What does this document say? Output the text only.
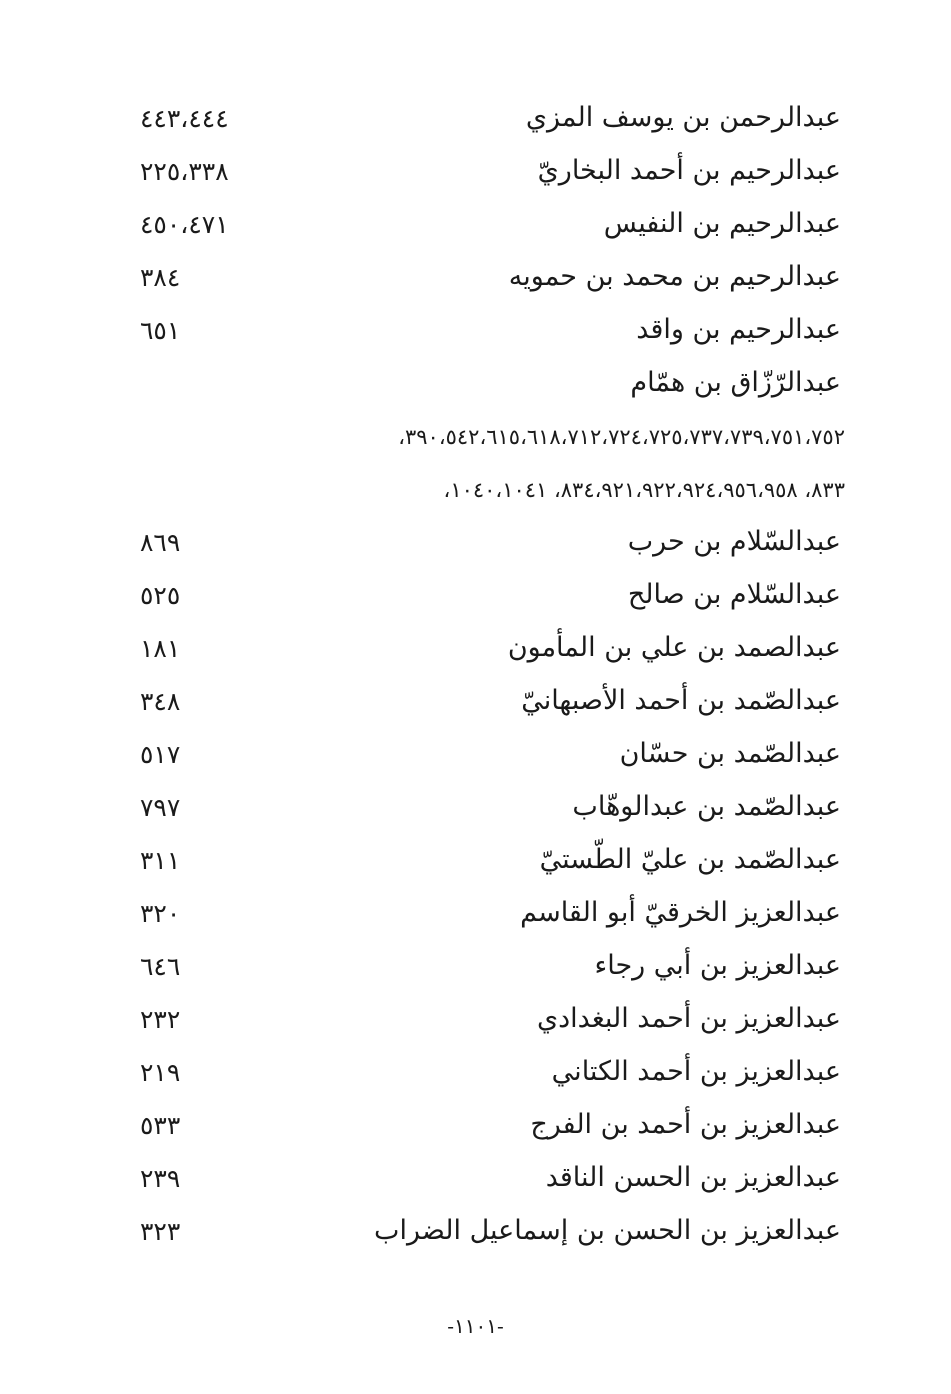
عبدالرحمن بن يوسف المزي
٤٤٣،٤٤٤
عبدالرحيم بن أحمد البخاريّ
٢٢٥،٣٣٨
عبدالرحيم بن النفيس
٤٥٠،٤٧١
عبدالرحيم بن محمد بن حمويه
٣٨٤
عبدالرحيم بن واقد
٦٥١
عبدالرّزّاق بن همّام
٣٩٠،٥٤٢،٦١٥،٦١٨،٧١٢،٧٢٤،٧٢٥،٧٣٧،٧٣٩،٧٥١،٧٥٢،
٨٣٣، ٨٣٤،٩٢١،٩٢٢،٩٢٤،٩٥٦،٩٥٨، ١٠٤٠،١٠٤١،
عبدالسّلام بن حرب
٨٦٩
عبدالسّلام بن صالح
٥٢٥
عبدالصمد بن علي بن المأمون
١٨١
عبدالصّمد بن أحمد الأصبهانيّ
٣٤٨
عبدالصّمد بن حسّان
٥١٧
عبدالصّمد بن عبدالوهّاب
٧٩٧
عبدالصّمد بن عليّ الطّستيّ
٣١١
عبدالعزيز الخرقيّ أبو القاسم
٣٢٠
عبدالعزيز بن أبي رجاء
٦٤٦
عبدالعزيز بن أحمد البغدادي
٢٣٢
عبدالعزيز بن أحمد الكتاني
٢١٩
عبدالعزيز بن أحمد بن الفرج
٥٣٣
عبدالعزيز بن الحسن الناقد
٢٣٩
عبدالعزيز بن الحسن بن إسماعيل الضراب
٣٢٣
-١١٠١-
